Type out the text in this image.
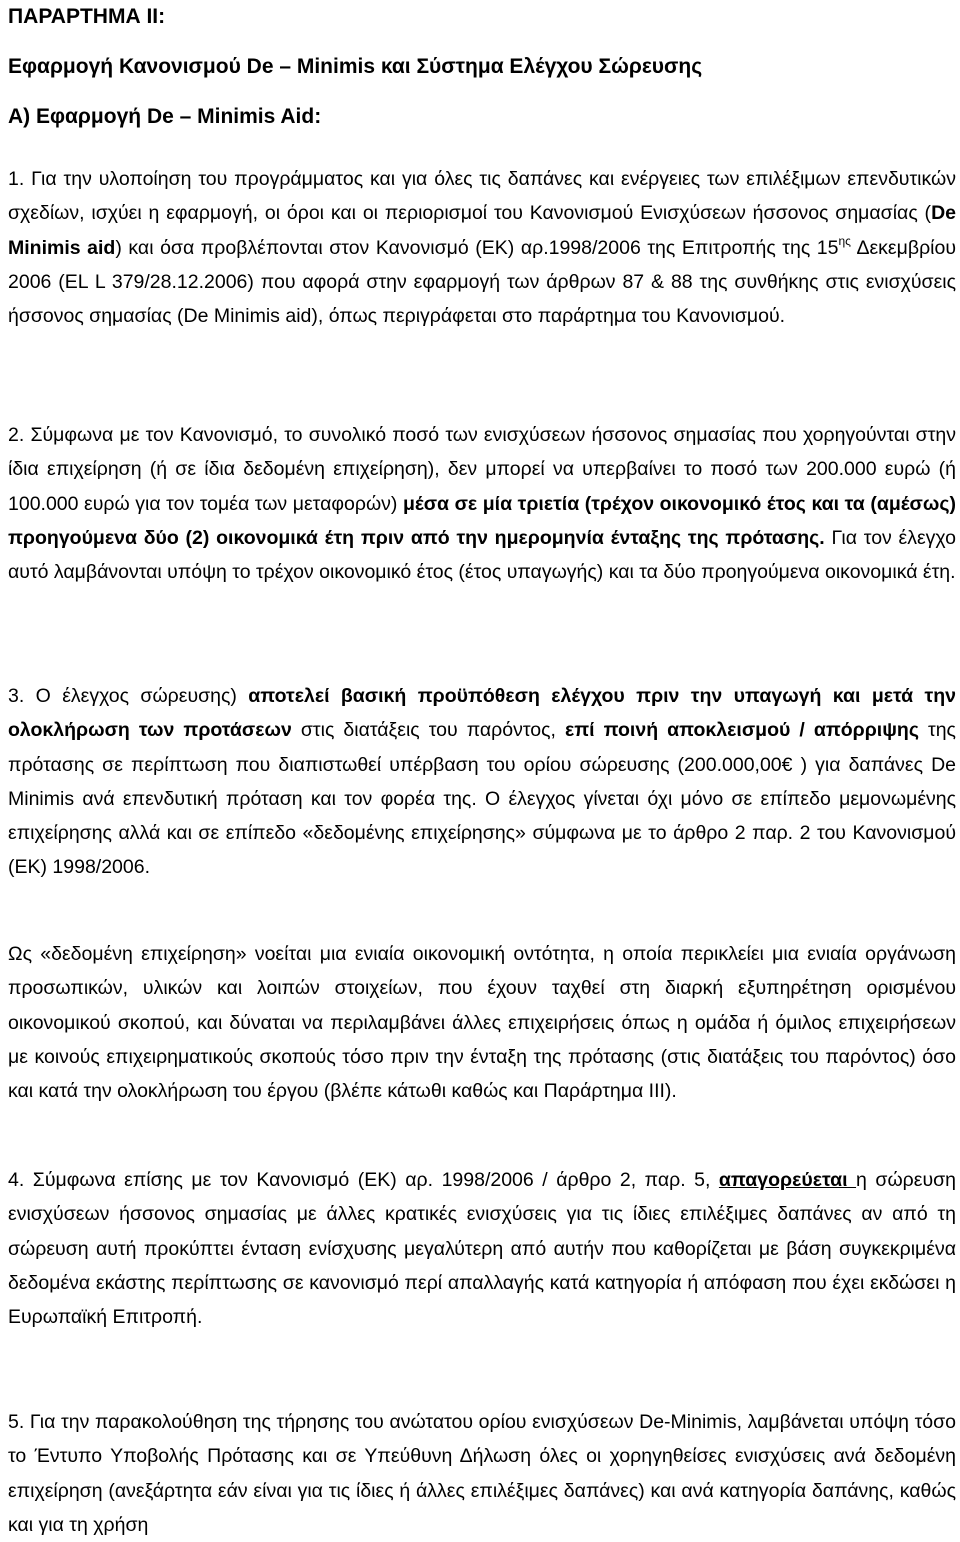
ΠΑΡΑΡΤΗΜΑ ΙΙ:
Εφαρμογή Κανονισμού De – Minimis και Σύστημα Ελέγχου Σώρευσης
Α) Εφαρμογή De – Minimis Aid:

1. Για την υλοποίηση του προγράμματος και για όλες τις δαπάνες και ενέργειες των επιλέξιμων επενδυτικών σχεδίων, ισχύει η εφαρμογή, οι όροι και οι περιορισμοί του Κανονισμού Ενισχύσεων ήσσονος σημασίας (De Minimis aid) και όσα προβλέπονται στον Κανονισμό (ΕΚ) αρ.1998/2006 της Επιτροπής της $15^{\eta\varsigma}$ Δεκεμβρίου 2006 (EL L 379/28.12.2006) που αφορά στην εφαρμογή των άρθρων 87 & 88 της συνθήκης στις ενισχύσεις ήσσονος σημασίας (De Minimis aid), όπως περιγράφεται στο παράρτημα του Κανονισμού.

2. Σύμφωνα με τον Κανονισμό, το συνολικό ποσό των ενισχύσεων ήσσονος σημασίας που χορηγούνται στην ίδια επιχείρηση (ή σε ίδια δεδομένη επιχείρηση), δεν μπορεί να υπερβαίνει το ποσό των 200.000 ευρώ (ή 100.000 ευρώ για τον τομέα των μεταφορών) μέσα σε μία τριετία (τρέχον οικονομικό έτος και τα (αμέσως) προηγούμενα δύο (2) οικονομικά έτη πριν από την ημερομηνία ένταξης της πρότασης. Για τον έλεγχο αυτό λαμβάνονται υπόψη το τρέχον οικονομικό έτος (έτος υπαγωγής) και τα δύο προηγούμενα οικονομικά έτη.

3. Ο έλεγχος σώρευσης) αποτελεί βασική προϋπόθεση ελέγχου πριν την υπαγωγή και μετά την ολοκλήρωση των προτάσεων στις διατάξεις του παρόντος, επί ποινή αποκλεισμού / απόρριψης της πρότασης σε περίπτωση που διαπιστωθεί υπέρβαση του ορίου σώρευσης (200.000,00€ ) για δαπάνες De Minimis ανά επενδυτική πρόταση και τον φορέα της. Ο έλεγχος γίνεται όχι μόνο σε επίπεδο μεμονωμένης επιχείρησης αλλά και σε επίπεδο «δεδομένης επιχείρησης» σύμφωνα με το άρθρο 2 παρ. 2 του Κανονισμού (ΕΚ) 1998/2006.

Ως «δεδομένη επιχείρηση» νοείται μια ενιαία οικονομική οντότητα, η οποία περικλείει μια ενιαία οργάνωση προσωπικών, υλικών και λοιπών στοιχείων, που έχουν ταχθεί στη διαρκή εξυπηρέτηση ορισμένου οικονομικού σκοπού, και δύναται να περιλαμβάνει άλλες επιχειρήσεις όπως η ομάδα ή όμιλος επιχειρήσεων με κοινούς επιχειρηματικούς σκοπούς τόσο πριν την ένταξη της πρότασης (στις διατάξεις του παρόντος) όσο και κατά την ολοκλήρωση του έργου (βλέπε κάτωθι καθώς και Παράρτημα ΙΙΙ).

4. Σύμφωνα επίσης με τον Κανονισμό (ΕΚ) αρ. 1998/2006 / άρθρο 2, παρ. 5, απαγορεύεται η σώρευση ενισχύσεων ήσσονος σημασίας με άλλες κρατικές ενισχύσεις για τις ίδιες επιλέξιμες δαπάνες αν από τη σώρευση αυτή προκύπτει ένταση ενίσχυσης μεγαλύτερη από αυτήν που καθορίζεται με βάση συγκεκριμένα δεδομένα εκάστης περίπτωσης σε κανονισμό περί απαλλαγής κατά κατηγορία ή απόφαση που έχει εκδώσει η Ευρωπαϊκή Επιτροπή.

5. Για την παρακολούθηση της τήρησης του ανώτατου ορίου ενισχύσεων De-Minimis, λαμβάνεται υπόψη τόσο το Έντυπο Υποβολής Πρότασης και σε Υπεύθυνη Δήλωση όλες οι χορηγηθείσες ενισχύσεις ανά δεδομένη επιχείρηση (ανεξάρτητα εάν είναι για τις ίδιες ή άλλες επιλέξιμες δαπάνες) και ανά κατηγορία δαπάνης, καθώς και για τη χρήση
